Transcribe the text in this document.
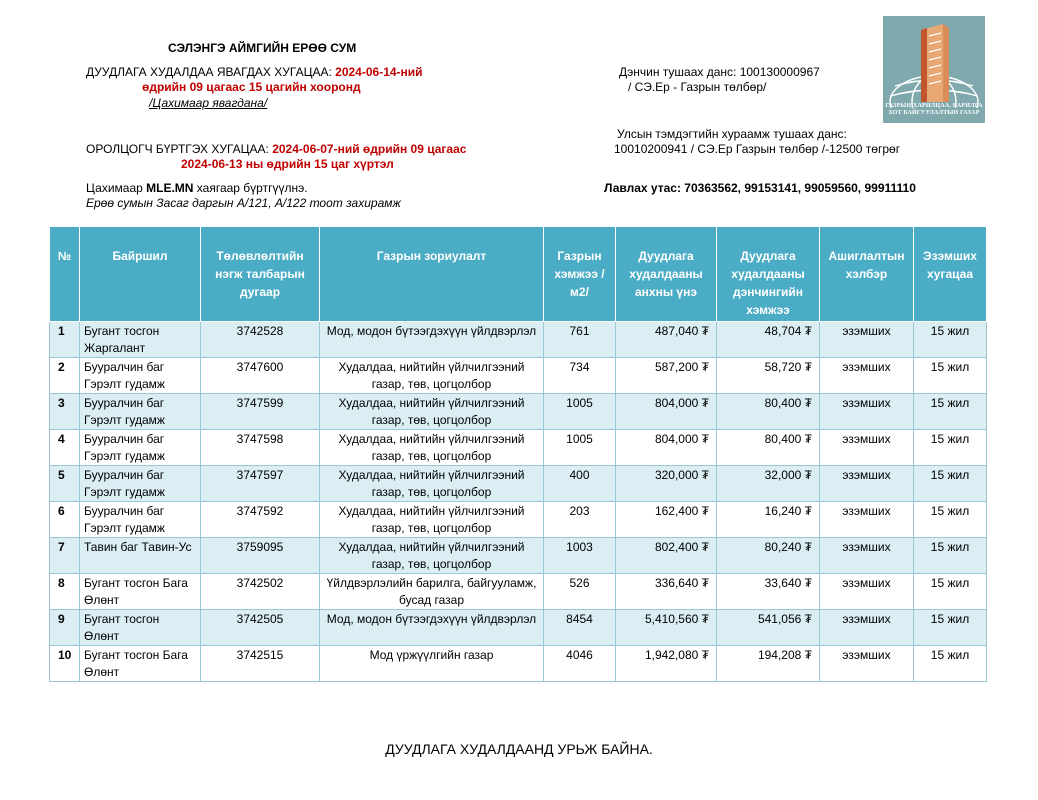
СЭЛЭНГЭ АЙМГИЙН ЕРӨӨ СУМ
ДУУДЛАГА ХУДАЛДАА ЯВАГДАХ ХУГАЦАА: 2024-06-14-ний
өдрийн 09 цагаас 15 цагийн хооронд
/Цахимаар явагдана/
Дэнчин тушаах данс: 100130000967
/ СЭ.Ер - Газрын төлбөр/
Улсын тэмдэгтийн хураамж тушаах данс:
ОРОЛЦОГЧ БҮРТГЭХ ХУГАЦАА: 2024-06-07-ний өдрийн 09 цагаас	10010200941 / СЭ.Ер Газрын төлбөр /-12500 төгрөг
2024-06-13 ны өдрийн 15 цаг хүртэл
Цахимаар MLE.MN хаягаар бүртгүүлнэ.
Ерөө сумын Засаг даргын А/121, А/122 тоот захирамж
Лавлах утас: 70363562, 99153141, 99059560, 99911110
ГАЗРЫН ХАРИЛЦАА, БАРИЛГА
ХОТ БАЙГУУЛАЛТЫН ГАЗАР
№	Байршил	Төлөвлөлтийн нэгж талбарын дугаар	Газрын зориулалт	Газрын хэмжээ /м2/	Дуудлага худалдааны анхны үнэ	Дуудлага худалдааны дэнчингийн хэмжээ	Ашиглалтын хэлбэр	Эзэмших хугацаа
1	Бугант тосгон Жаргалант	3742528	Мод, модон бүтээгдэхүүн үйлдвэрлэл	761	487,040 ₮	48,704 ₮	эзэмших	15 жил
2	Бууралчин баг Гэрэлт гудамж	3747600	Худалдаа, нийтийн үйлчилгээний газар, төв, цогцолбор	734	587,200 ₮	58,720 ₮	эзэмших	15 жил
3	Бууралчин баг Гэрэлт гудамж	3747599	Худалдаа, нийтийн үйлчилгээний газар, төв, цогцолбор	1005	804,000 ₮	80,400 ₮	эзэмших	15 жил
4	Бууралчин баг Гэрэлт гудамж	3747598	Худалдаа, нийтийн үйлчилгээний газар, төв, цогцолбор	1005	804,000 ₮	80,400 ₮	эзэмших	15 жил
5	Бууралчин баг Гэрэлт гудамж	3747597	Худалдаа, нийтийн үйлчилгээний газар, төв, цогцолбор	400	320,000 ₮	32,000 ₮	эзэмших	15 жил
6	Бууралчин баг Гэрэлт гудамж	3747592	Худалдаа, нийтийн үйлчилгээний газар, төв, цогцолбор	203	162,400 ₮	16,240 ₮	эзэмших	15 жил
7	Тавин баг Тавин-Ус	3759095	Худалдаа, нийтийн үйлчилгээний газар, төв, цогцолбор	1003	802,400 ₮	80,240 ₮	эзэмших	15 жил
8	Бугант тосгон Бага Өлөнт	3742502	Үйлдвэрлэлийн барилга, байгууламж, бусад газар	526	336,640 ₮	33,640 ₮	эзэмших	15 жил
9	Бугант тосгон Өлөнт	3742505	Мод, модон бүтээгдэхүүн үйлдвэрлэл	8454	5,410,560 ₮	541,056 ₮	эзэмших	15 жил
10	Бугант тосгон Бага Өлөнт	3742515	Мод үржүүлгийн газар	4046	1,942,080 ₮	194,208 ₮	эзэмших	15 жил
ДУУДЛАГА ХУДАЛДААНД УРЬЖ БАЙНА.
